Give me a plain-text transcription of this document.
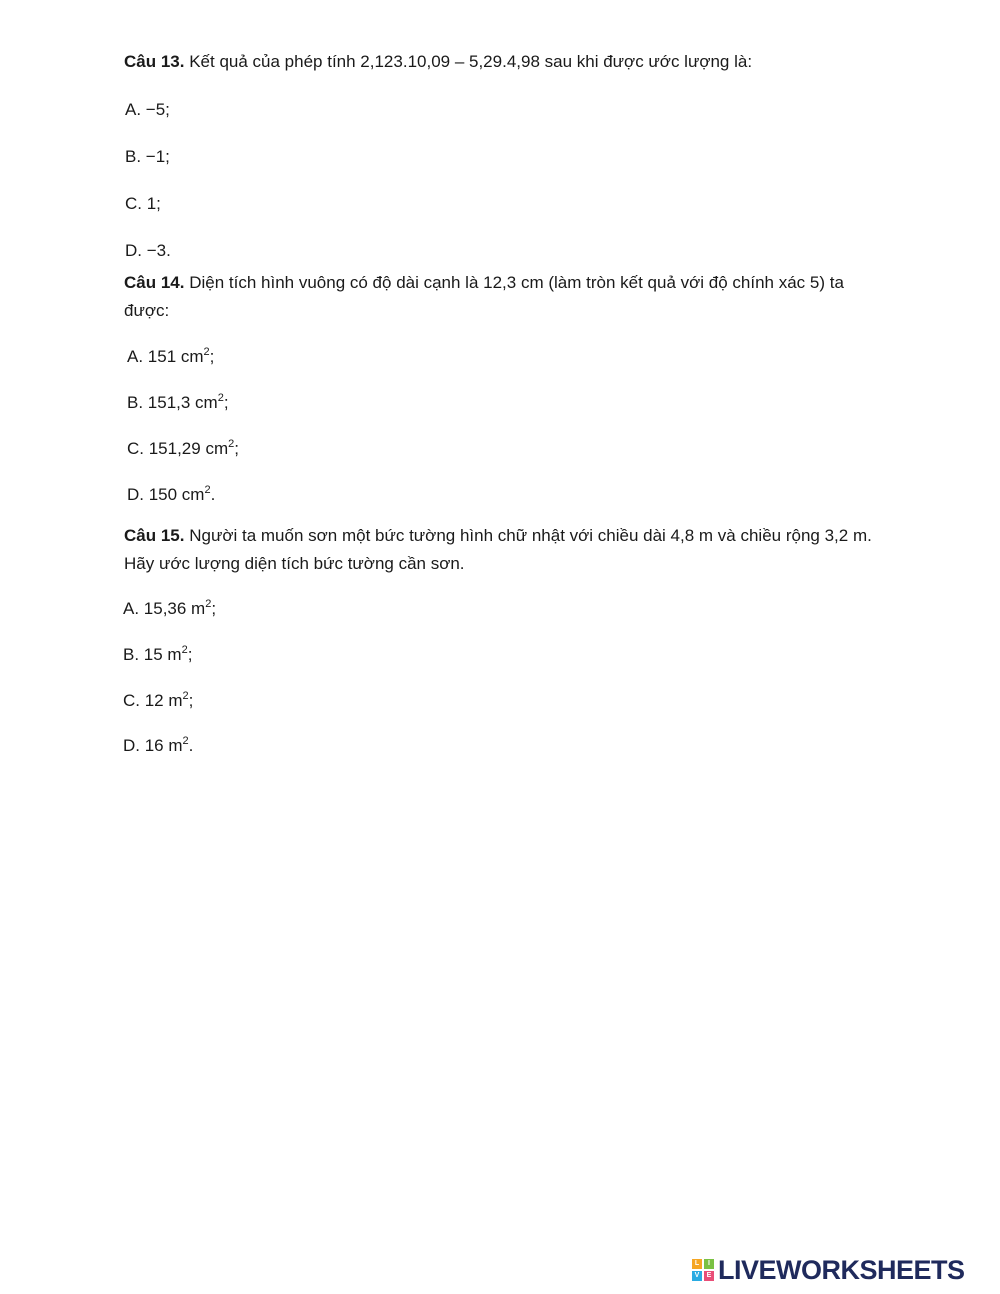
Câu 13. Kết quả của phép tính 2,123.10,09 – 5,29.4,98 sau khi được ước lượng là:
A. −5;
B. −1;
C. 1;
D. −3.
Câu 14. Diện tích hình vuông có độ dài cạnh là 12,3 cm (làm tròn kết quả với độ chính xác 5) ta được:
A. 151 $cm^2$;
B. 151,3 $cm^2$;
C. 151,29 $cm^2$;
D. 150 $cm^2$.
Câu 15. Người ta muốn sơn một bức tường hình chữ nhật với chiều dài 4,8 m và chiều rộng 3,2 m. Hãy ước lượng diện tích bức tường cần sơn.
A. 15,36 $m^2$;
B. 15 $m^2$;
C. 12 $m^2$;
D. 16 $m^2$.
L	I
V	E LIVEWORKSHEETS
